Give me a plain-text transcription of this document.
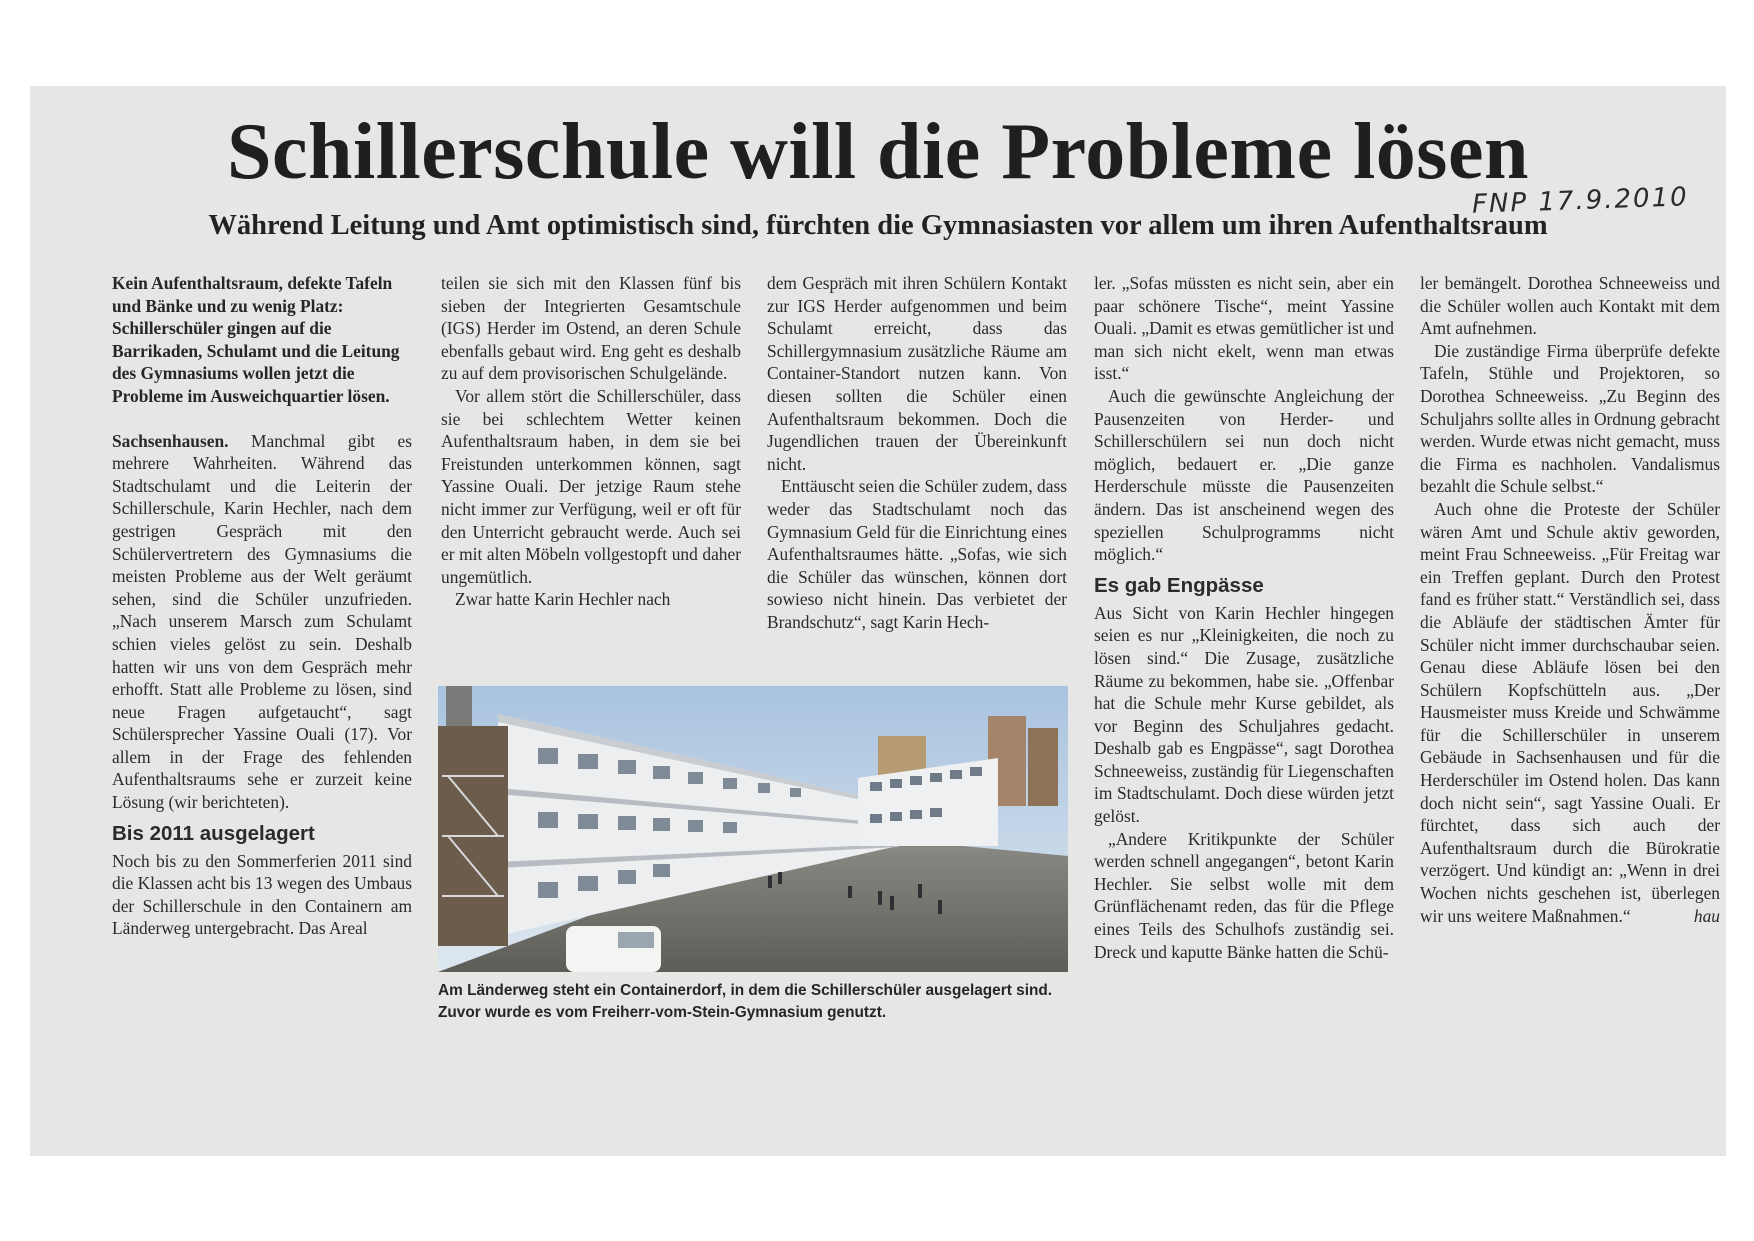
Schillerschule will die Probleme lösen
FNP 17.9.2010
Während Leitung und Amt optimistisch sind, fürchten die Gymnasiasten vor allem um ihren Aufenthaltsraum

Kein Aufenthaltsraum, defekte Tafeln und Bänke und zu wenig Platz: Schillerschüler gingen auf die Barrikaden, Schulamt und die Leitung des Gymnasiums wollen jetzt die Probleme im Ausweichquartier lösen.

Sachsenhausen. Manchmal gibt es mehrere Wahrheiten. Während das Stadtschulamt und die Leiterin der Schillerschule, Karin Hechler, nach dem gestrigen Gespräch mit den Schülervertretern des Gymnasiums die meisten Probleme aus der Welt geräumt sehen, sind die Schüler unzufrieden. „Nach unserem Marsch zum Schulamt schien vieles gelöst zu sein. Deshalb hatten wir uns von dem Gespräch mehr erhofft. Statt alle Probleme zu lösen, sind neue Fragen aufgetaucht“, sagt Schülersprecher Yassine Ouali (17). Vor allem in der Frage des fehlenden Aufenthaltsraums sehe er zurzeit keine Lösung (wir berichteten).

Bis 2011 ausgelagert

Noch bis zu den Sommerferien 2011 sind die Klassen acht bis 13 wegen des Umbaus der Schillerschule in den Containern am Länderweg untergebracht. Das Areal

teilen sie sich mit den Klassen fünf bis sieben der Integrierten Gesamtschule (IGS) Herder im Ostend, an deren Schule ebenfalls gebaut wird. Eng geht es deshalb zu auf dem provisorischen Schulgelände.

Vor allem stört die Schillerschüler, dass sie bei schlechtem Wetter keinen Aufenthaltsraum haben, in dem sie bei Freistunden unterkommen können, sagt Yassine Ouali. Der jetzige Raum stehe nicht immer zur Verfügung, weil er oft für den Unterricht gebraucht werde. Auch sei er mit alten Möbeln vollgestopft und daher ungemütlich.

Zwar hatte Karin Hechler nach

dem Gespräch mit ihren Schülern Kontakt zur IGS Herder aufgenommen und beim Schulamt erreicht, dass das Schillergymnasium zusätzliche Räume am Container-Standort nutzen kann. Von diesen sollten die Schüler einen Aufenthaltsraum bekommen. Doch die Jugendlichen trauen der Übereinkunft nicht.

Enttäuscht seien die Schüler zudem, dass weder das Stadtschulamt noch das Gymnasium Geld für die Einrichtung eines Aufenthaltsraumes hätte. „Sofas, wie sich die Schüler das wünschen, können dort sowieso nicht hinein. Das verbietet der Brandschutz“, sagt Karin Hech-

ler. „Sofas müssten es nicht sein, aber ein paar schönere Tische“, meint Yassine Ouali. „Damit es etwas gemütlicher ist und man sich nicht ekelt, wenn man etwas isst.“

Auch die gewünschte Angleichung der Pausenzeiten von Herder- und Schillerschülern sei nun doch nicht möglich, bedauert er. „Die ganze Herderschule müsste die Pausenzeiten ändern. Das ist anscheinend wegen des speziellen Schulprogramms nicht möglich.“

Es gab Engpässe

Aus Sicht von Karin Hechler hingegen seien es nur „Kleinigkeiten, die noch zu lösen sind.“ Die Zusage, zusätzliche Räume zu bekommen, habe sie. „Offenbar hat die Schule mehr Kurse gebildet, als vor Beginn des Schuljahres gedacht. Deshalb gab es Engpässe“, sagt Dorothea Schneeweiss, zuständig für Liegenschaften im Stadtschulamt. Doch diese würden jetzt gelöst.

„Andere Kritikpunkte der Schüler werden schnell angegangen“, betont Karin Hechler. Sie selbst wolle mit dem Grünflächenamt reden, das für die Pflege eines Teils des Schulhofs zuständig sei. Dreck und kaputte Bänke hatten die Schü-

ler bemängelt. Dorothea Schneeweiss und die Schüler wollen auch Kontakt mit dem Amt aufnehmen.

Die zuständige Firma überprüfe defekte Tafeln, Stühle und Projektoren, so Dorothea Schneeweiss. „Zu Beginn des Schuljahrs sollte alles in Ordnung gebracht werden. Wurde etwas nicht gemacht, muss die Firma es nachholen. Vandalismus bezahlt die Schule selbst.“

Auch ohne die Proteste der Schüler wären Amt und Schule aktiv geworden, meint Frau Schneeweiss. „Für Freitag war ein Treffen geplant. Durch den Protest fand es früher statt.“ Verständlich sei, dass die Abläufe der städtischen Ämter für Schüler nicht immer durchschaubar seien. Genau diese Abläufe lösen bei den Schülern Kopfschütteln aus. „Der Hausmeister muss Kreide und Schwämme für die Schillerschüler in unserem Gebäude in Sachsenhausen und für die Herderschüler im Ostend holen. Das kann doch nicht sein“, sagt Yassine Ouali. Er fürchtet, dass sich auch der Aufenthaltsraum durch die Bürokratie verzögert. Und kündigt an: „Wenn in drei Wochen nichts geschehen ist, überlegen wir uns weitere Maßnahmen.“	hau

Am Länderweg steht ein Containerdorf, in dem die Schillerschüler ausgelagert sind. Zuvor wurde es vom Freiherr-vom-Stein-Gymnasium genutzt.
